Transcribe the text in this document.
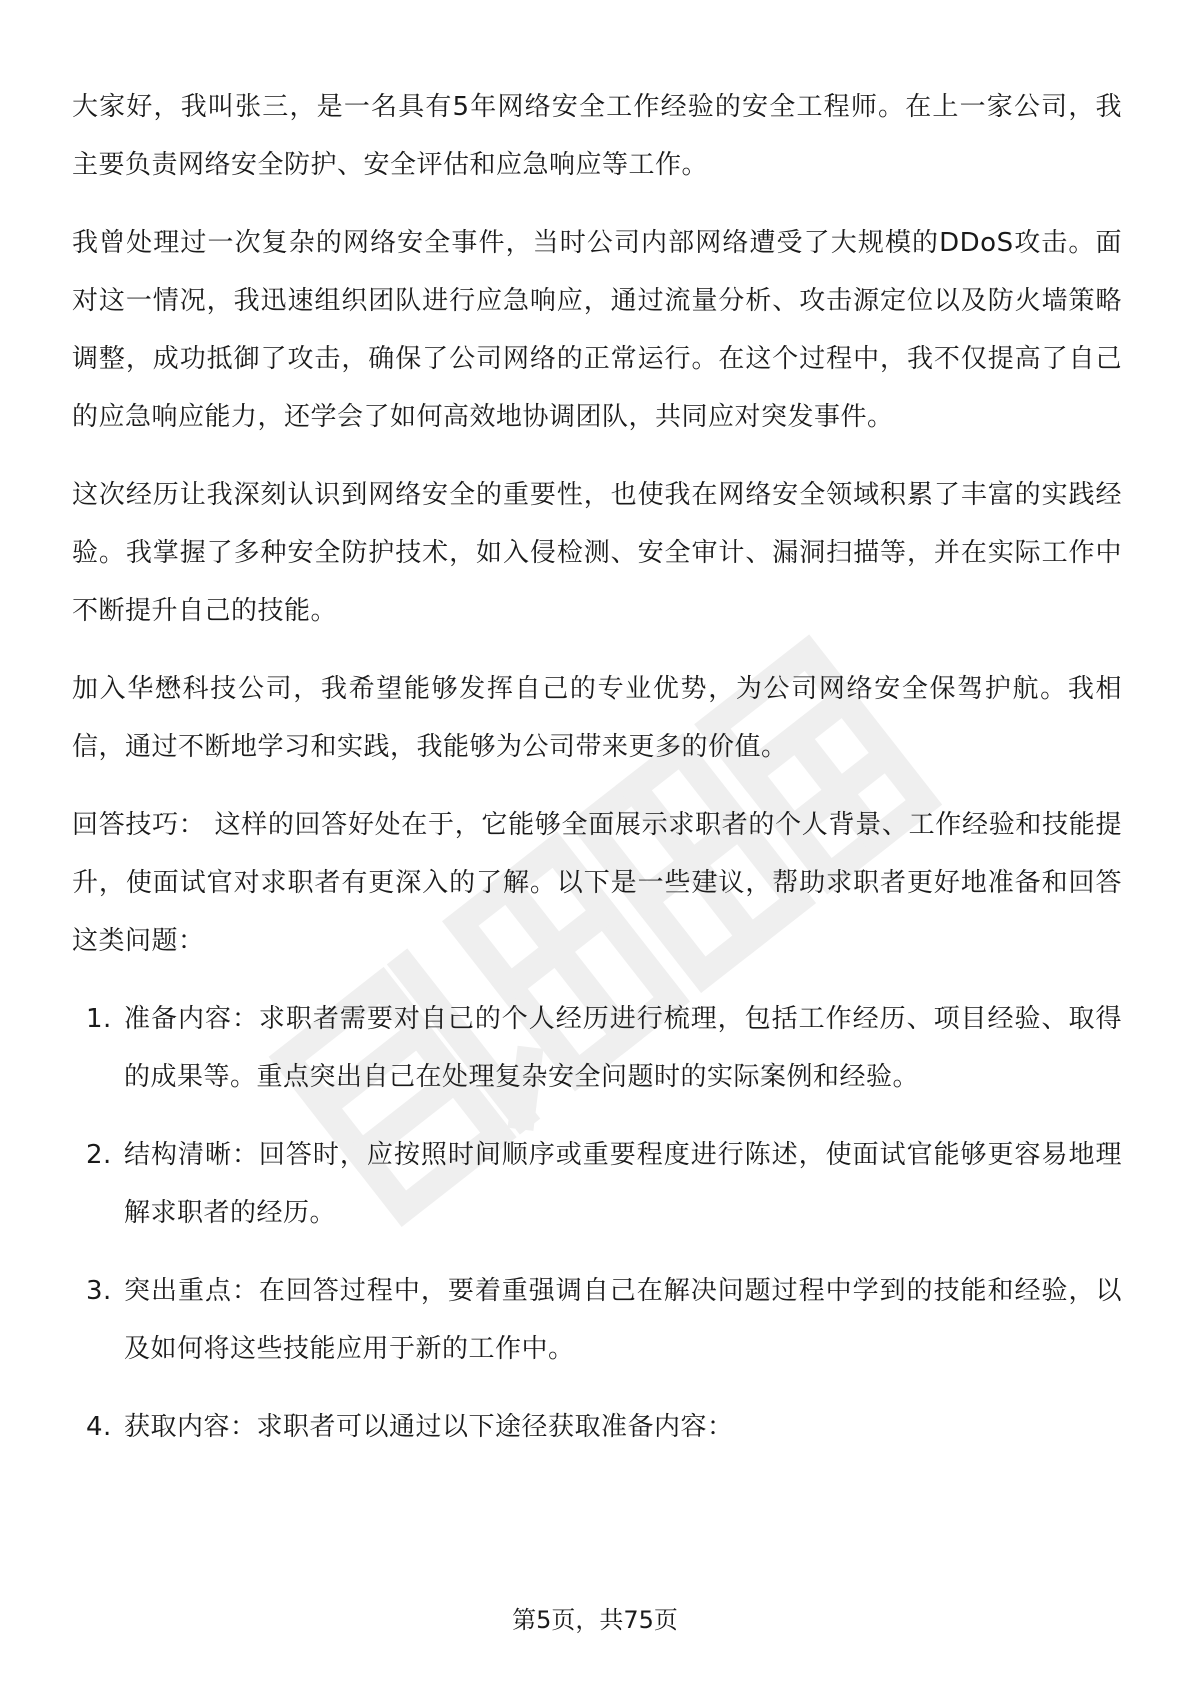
大家好，我叫张三，是一名具有5年网络安全工作经验的安全工程师。在上一家公司，我主要负责网络安全防护、安全评估和应急响应等工作。

我曾处理过一次复杂的网络安全事件，当时公司内部网络遭受了大规模的DDoS攻击。面对这一情况，我迅速组织团队进行应急响应，通过流量分析、攻击源定位以及防火墙策略调整，成功抵御了攻击，确保了公司网络的正常运行。在这个过程中，我不仅提高了自己的应急响应能力，还学会了如何高效地协调团队，共同应对突发事件。

这次经历让我深刻认识到网络安全的重要性，也使我在网络安全领域积累了丰富的实践经验。我掌握了多种安全防护技术，如入侵检测、安全审计、漏洞扫描等，并在实际工作中不断提升自己的技能。

加入华懋科技公司，我希望能够发挥自己的专业优势，为公司网络安全保驾护航。我相信，通过不断地学习和实践，我能够为公司带来更多的价值。

回答技巧： 这样的回答好处在于，它能够全面展示求职者的个人背景、工作经验和技能提升，使面试官对求职者有更深入的了解。以下是一些建议，帮助求职者更好地准备和回答这类问题：

1. 准备内容：求职者需要对自己的个人经历进行梳理，包括工作经历、项目经验、取得的成果等。重点突出自己在处理复杂安全问题时的实际案例和经验。
2. 结构清晰：回答时，应按照时间顺序或重要程度进行陈述，使面试官能够更容易地理解求职者的经历。
3. 突出重点：在回答过程中，要着重强调自己在解决问题过程中学到的技能和经验，以及如何将这些技能应用于新的工作中。
4. 获取内容：求职者可以通过以下途径获取准备内容：
第5页，共75页
